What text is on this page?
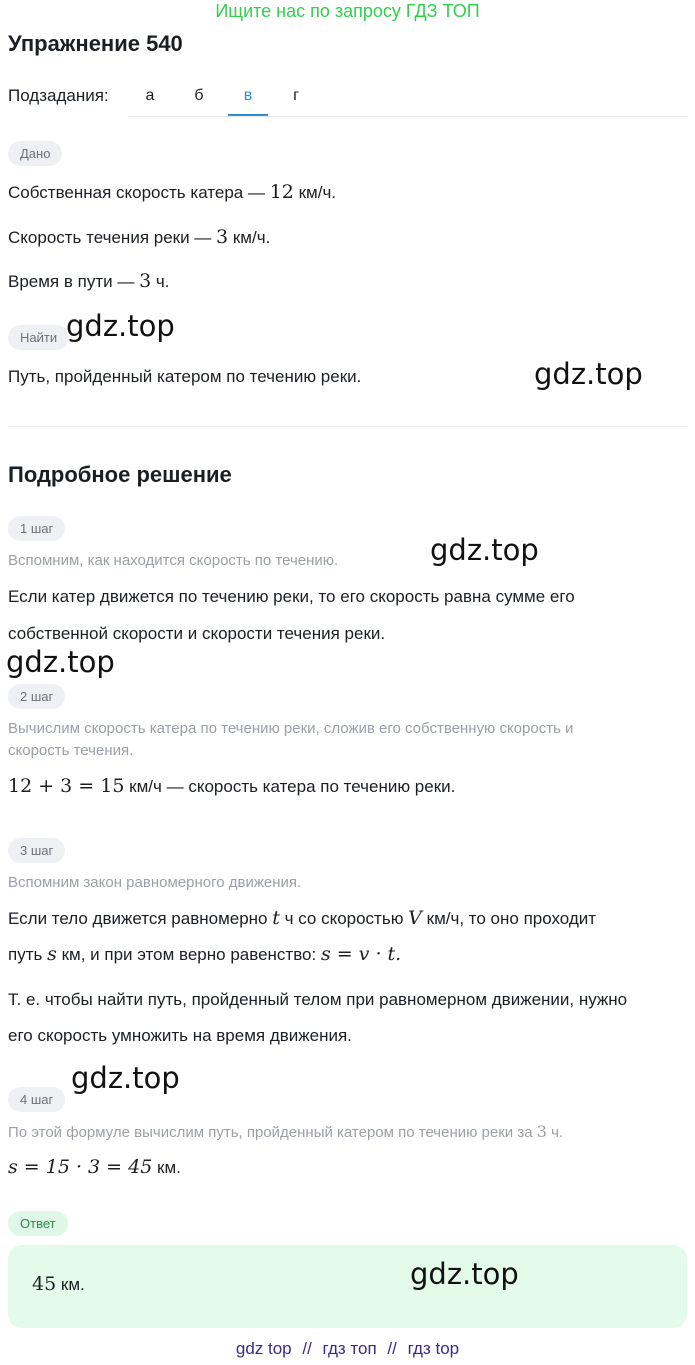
Ищите нас по запросу ГДЗ ТОП
Упражнение 540
Подзадания:	а	б	в	г
Дано
Собственная скорость катера — 12 км/ч.
Скорость течения реки — 3 км/ч.
Время в пути — 3 ч.
Найти
Путь, пройденный катером по течению реки.
Подробное решение
1 шаг
Вспомним, как находится скорость по течению.
Если катер движется по течению реки, то его скорость равна сумме его
собственной скорости и скорости течения реки.
2 шаг
Вычислим скорость катера по течению реки, сложив его собственную скорость и
скорость течения.
12 + 3 = 15 км/ч — скорость катера по течению реки.
3 шаг
Вспомним закон равномерного движения.
Если тело движется равномерно t ч со скоростью V км/ч, то оно проходит
путь s км, и при этом верно равенство: s = v · t.
Т. е. чтобы найти путь, пройденный телом при равномерном движении, нужно
его скорость умножить на время движения.
4 шаг
По этой формуле вычислим путь, пройденный катером по течению реки за 3 ч.
s = 15 · 3 = 45 км.
Ответ
45 км.
gdz.top
gdz.top
gdz.top
gdz.top
gdz.top
gdz.top
gdz top // гдз топ // гдз top
